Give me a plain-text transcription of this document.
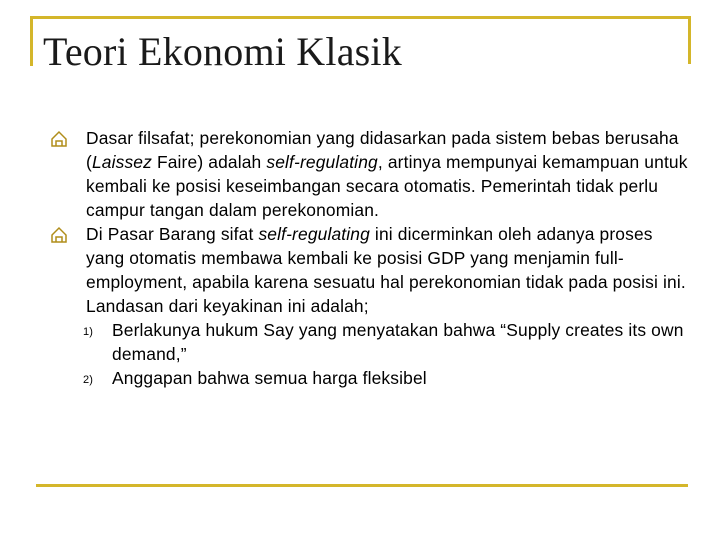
Teori Ekonomi Klasik
Dasar filsafat; perekonomian yang didasarkan pada sistem bebas berusaha (Laissez Faire) adalah self-regulating, artinya mempunyai kemampuan untuk kembali ke posisi keseimbangan secara otomatis. Pemerintah tidak perlu campur tangan dalam perekonomian.
Di Pasar Barang sifat self-regulating ini dicerminkan oleh adanya proses yang otomatis membawa kembali ke posisi GDP yang menjamin full-employment, apabila karena sesuatu hal perekonomian tidak pada posisi ini. Landasan dari keyakinan ini adalah;
1) Berlakunya hukum Say yang menyatakan bahwa “Supply creates its own demand,”
2) Anggapan bahwa semua harga fleksibel
